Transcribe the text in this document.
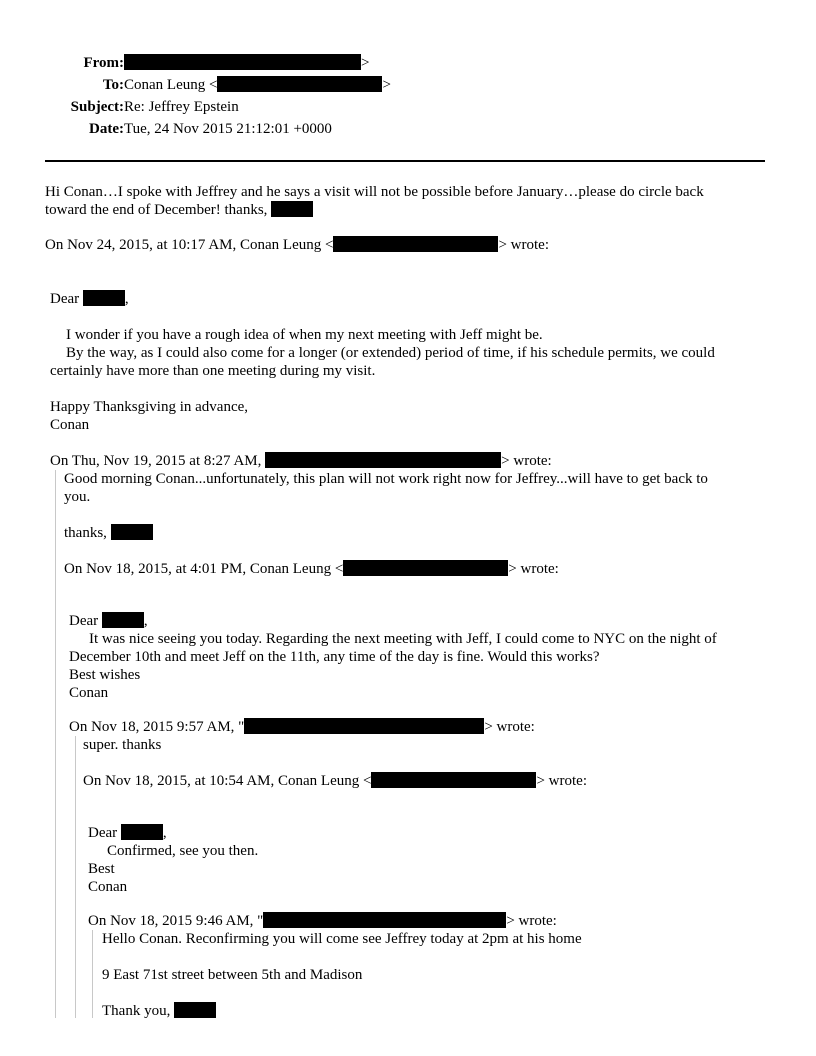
From:	>
To: Conan Leung <	>
Subject: Re: Jeffrey Epstein
Date: Tue, 24 Nov 2015 21:12:01 +0000
Hi Conan…I spoke with Jeffrey and he says a visit will not be possible before January…please do circle back
toward the end of December! thanks,
On Nov 24, 2015, at 10:17 AM, Conan Leung <	> wrote:
Dear	,
I wonder if you have a rough idea of when my next meeting with Jeff might be.
By the way, as I could also come for a longer (or extended) period of time, if his schedule permits, we could
certainly have more than one meeting during my visit.
Happy Thanksgiving in advance,
Conan
On Thu, Nov 19, 2015 at 8:27 AM,	> wrote:
Good morning Conan...unfortunately, this plan will not work right now for Jeffrey...will have to get back to
you.
thanks,
On Nov 18, 2015, at 4:01 PM, Conan Leung <	> wrote:
Dear	,
It was nice seeing you today. Regarding the next meeting with Jeff, I could come to NYC on the night of
December 10th and meet Jeff on the 11th, any time of the day is fine. Would this works?
Best wishes
Conan
On Nov 18, 2015 9:57 AM, "	> wrote:
super. thanks
On Nov 18, 2015, at 10:54 AM, Conan Leung <	> wrote:
Dear	,
Confirmed, see you then.
Best
Conan
On Nov 18, 2015 9:46 AM, "	> wrote:
Hello Conan. Reconfirming you will come see Jeffrey today at 2pm at his home
9 East 71st street between 5th and Madison
Thank you,
